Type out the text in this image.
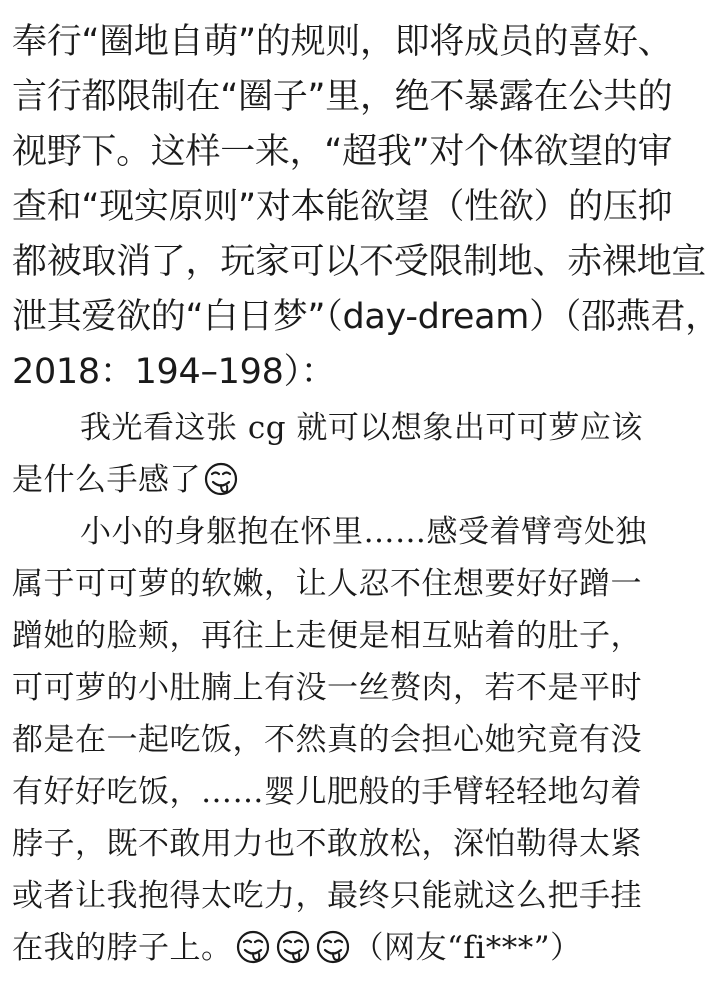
奉行“圈地自萌”的规则，即将成员的喜好、
言行都限制在“圈子”里，绝不暴露在公共的
视野下。这样一来，“超我”对个体欲望的审
查和“现实原则”对本能欲望（性欲）的压抑
都被取消了，玩家可以不受限制地、赤裸地宣
泄其爱欲的“白日梦”（day-dream）（邵燕君，
2018：194–198）：
我光看这张 cg 就可以想象出可可萝应该
是什么手感了
小小的身躯抱在怀里……感受着臂弯处独
属于可可萝的软嫩，让人忍不住想要好好蹭一
蹭她的脸颊，再往上走便是相互贴着的肚子，
可可萝的小肚腩上有没一丝赘肉，若不是平时
都是在一起吃饭，不然真的会担心她究竟有没
有好好吃饭，……婴儿肥般的手臂轻轻地勾着
脖子，既不敢用力也不敢放松，深怕勒得太紧
或者让我抱得太吃力，最终只能就这么把手挂
在我的脖子上。	（网友“fi***”）
